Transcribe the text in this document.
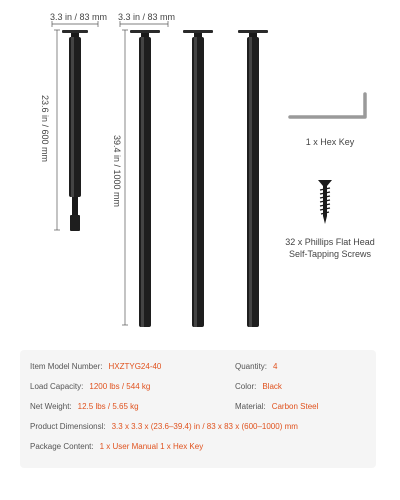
3.3 in / 83 mm 3.3 in / 83 mm
23.6 in / 600 mm
39.4 in / 1000 mm	1 x Hex Key
32 x Phillips Flat Head
Self-Tapping Screws
Item Model Number: HXZTYG24-40	Quantity: 4
Load Capacity: 1200 lbs / 544 kg	Color: Black
Net Weight: 12.5 lbs / 5.65 kg	Material: Carbon Steel
Product Dimensionsl: 3.3 x 3.3 x (23.6–39.4) in / 83 x 83 x (600–1000) mm
Package Content: 1 x User Manual 1 x Hex Key
